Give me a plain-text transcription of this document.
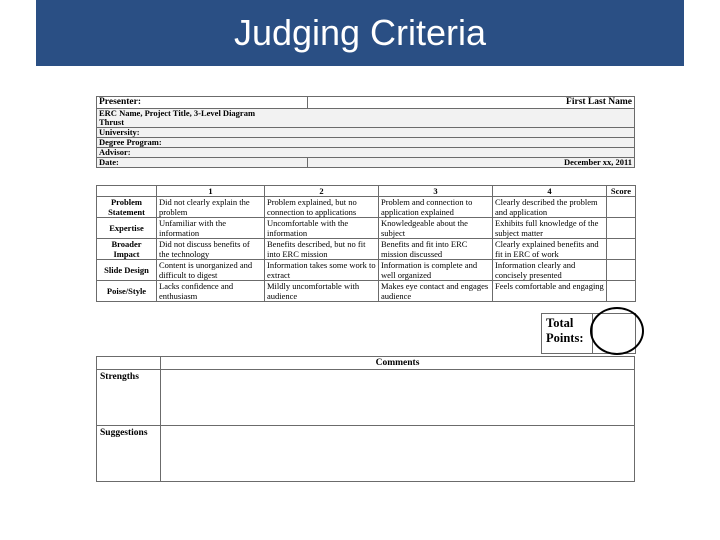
Judging Criteria
Presenter:	First Last Name

ERC Name, Project Title, 3-Level Diagram
Thrust	

University:	
Degree Program:	
Advisor:	
Date:	December xx, 2011
	1	2	3	4	Score
Problem Statement	Did not clearly explain the problem	Problem explained, but no connection to applications	Problem and connection to application explained	Clearly described the problem and application	
Expertise	Unfamiliar with the information	Uncomfortable with the information	Knowledgeable about the subject	Exhibits full knowledge of the subject matter	
Broader Impact	Did not discuss benefits of the technology	Benefits described, but no fit into ERC mission	Benefits and fit into ERC mission discussed	Clearly explained benefits and fit in ERC of work	
Slide Design	Content is unorganized and difficult to digest	Information takes some work to extract	Information is complete and well organized	Information clearly and concisely presented	
Poise/Style	Lacks confidence and enthusiasm	Mildly uncomfortable with audience	Makes eye contact and engages audience	Feels comfortable and engaging	
Total Points:
	Comments
Strengths	
Suggestions	
